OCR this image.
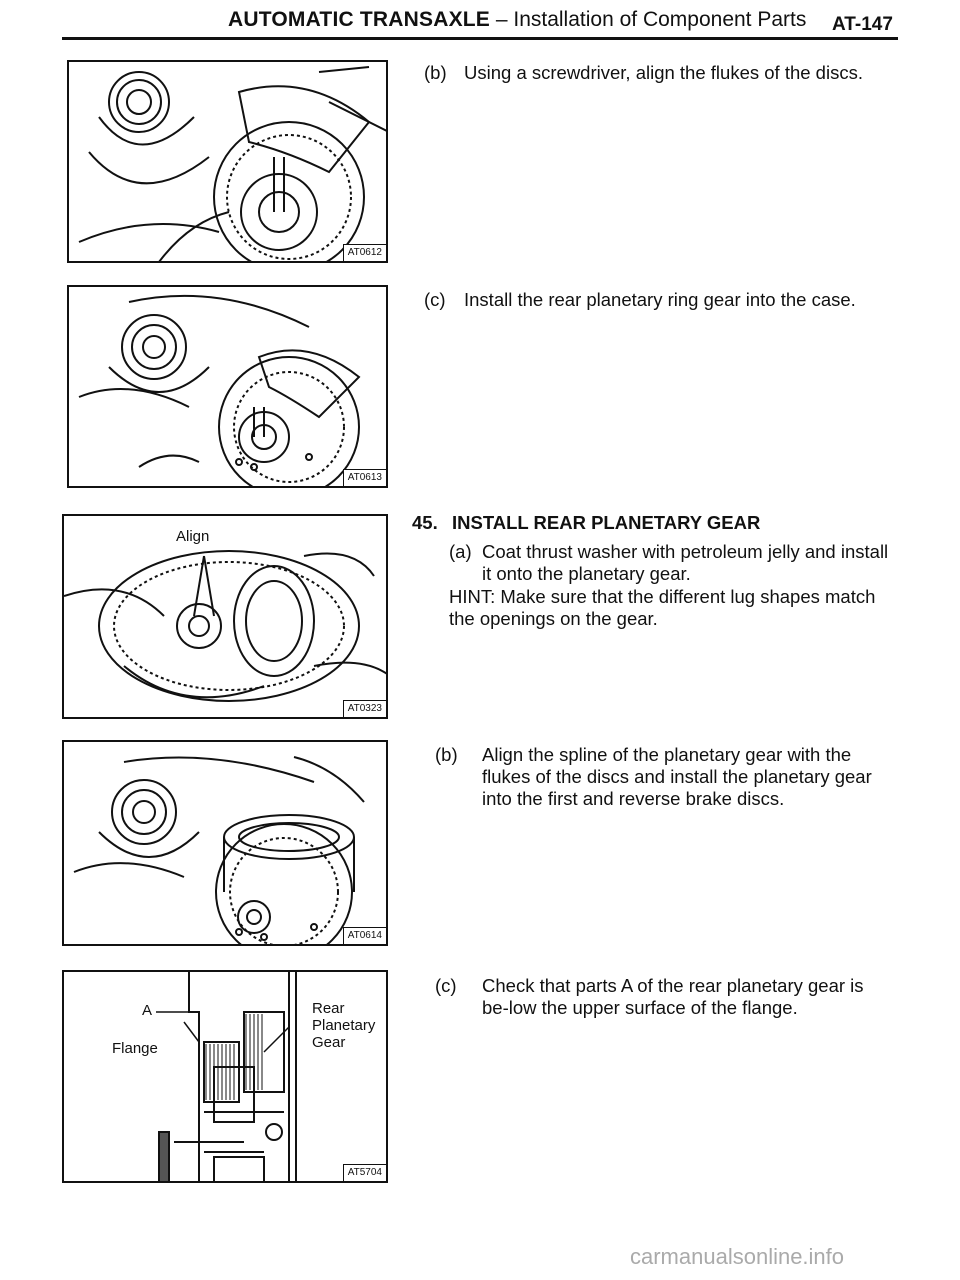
AUTOMATIC TRANSAXLE – Installation of Component Parts AT-147
AT0612
AT0613
Align
AT0323
AT0614
A
Flange
Rear
Planetary
Gear
AT5704
(b) Using a screwdriver, align the flukes of the discs.
(c) Install the rear planetary ring gear into the case.
45. INSTALL REAR PLANETARY GEAR
(a) Coat thrust washer with petroleum jelly and install it onto the planetary gear.
HINT: Make sure that the different lug shapes match the openings on the gear.
(b) Align the spline of the planetary gear with the flukes of the discs and install the planetary gear into the first and reverse brake discs.
(c) Check that parts A of the rear planetary gear is be-low the upper surface of the flange.
carmanualsonline.info
